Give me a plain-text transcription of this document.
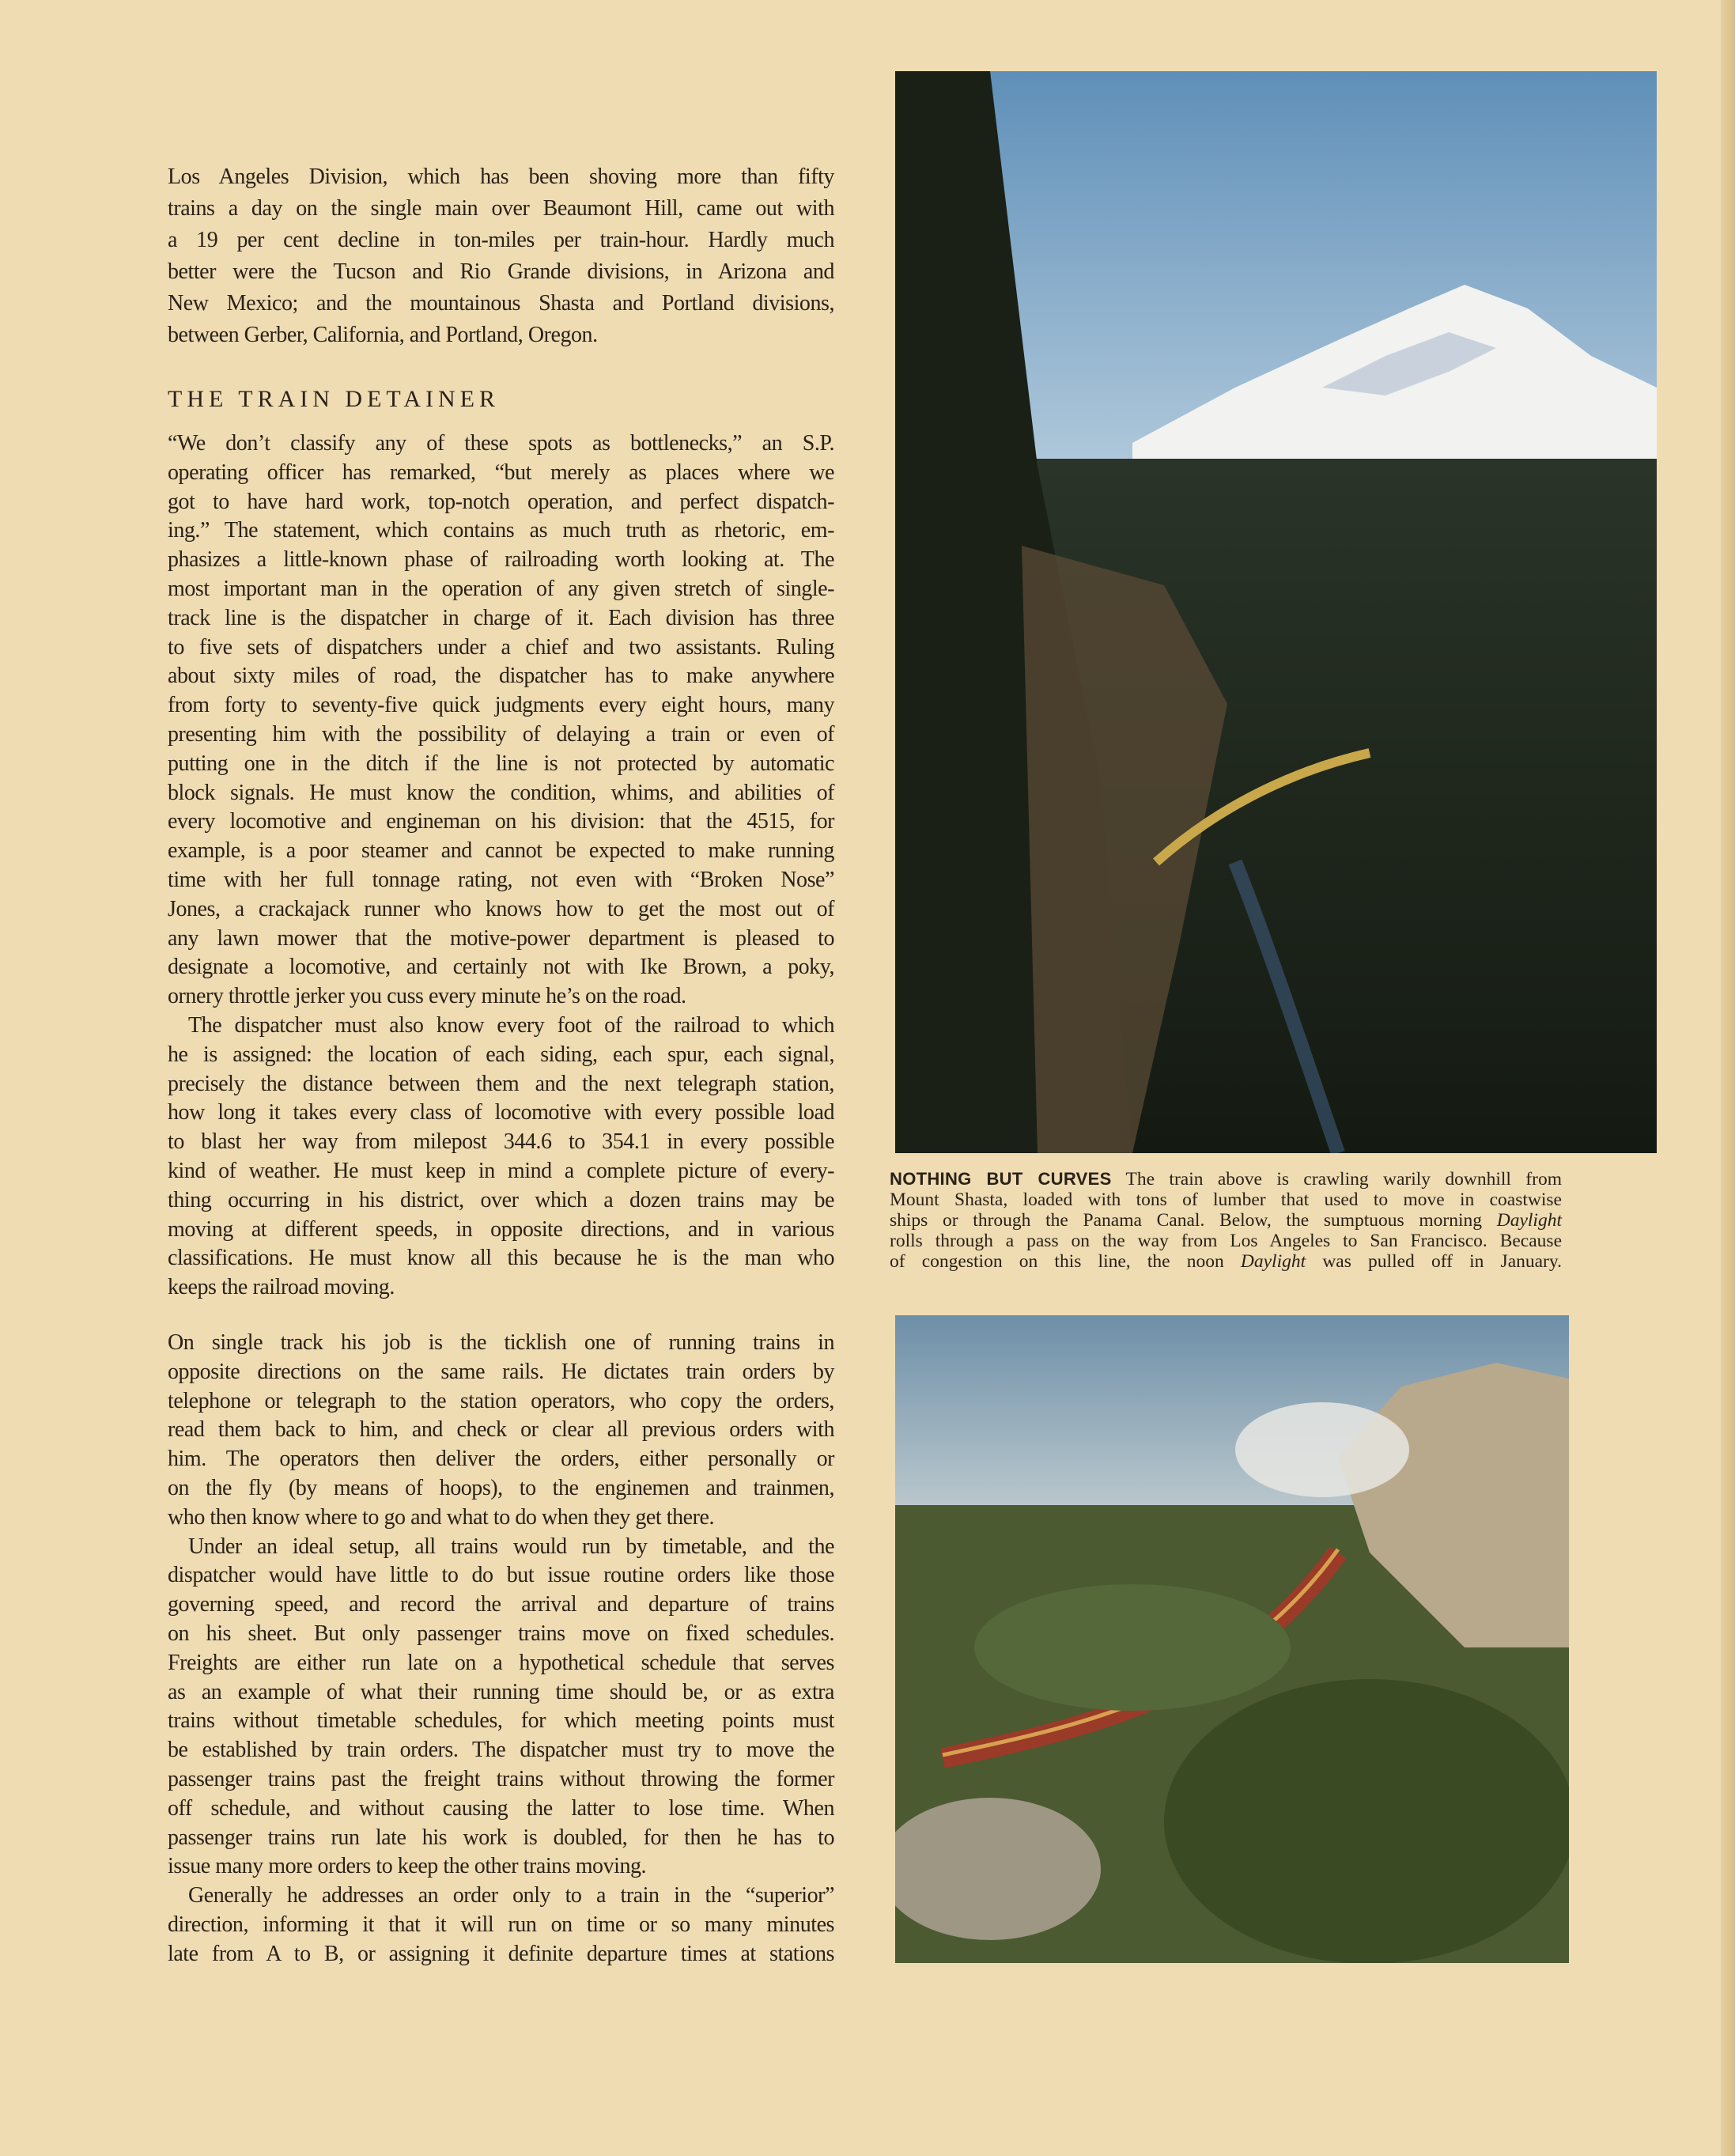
Los Angeles Division, which has been shoving more than fifty
trains a day on the single main over Beaumont Hill, came out with
a 19 per cent decline in ton-miles per train-hour. Hardly much
better were the Tucson and Rio Grande divisions, in Arizona and
New Mexico; and the mountainous Shasta and Portland divisions,
between Gerber, California, and Portland, Oregon.
THE TRAIN DETAINER
“We don’t classify any of these spots as bottlenecks,” an S.P.
operating officer has remarked, “but merely as places where we
got to have hard work, top-notch operation, and perfect dispatch-
ing.” The statement, which contains as much truth as rhetoric, em-
phasizes a little-known phase of railroading worth looking at. The
most important man in the operation of any given stretch of single-
track line is the dispatcher in charge of it. Each division has three
to five sets of dispatchers under a chief and two assistants. Ruling
about sixty miles of road, the dispatcher has to make anywhere
from forty to seventy-five quick judgments every eight hours, many
presenting him with the possibility of delaying a train or even of
putting one in the ditch if the line is not protected by automatic
block signals. He must know the condition, whims, and abilities of
every locomotive and engineman on his division: that the 4515, for
example, is a poor steamer and cannot be expected to make running
time with her full tonnage rating, not even with “Broken Nose”
Jones, a crackajack runner who knows how to get the most out of
any lawn mower that the motive-power department is pleased to
designate a locomotive, and certainly not with Ike Brown, a poky,
ornery throttle jerker you cuss every minute he’s on the road.
The dispatcher must also know every foot of the railroad to which
he is assigned: the location of each siding, each spur, each signal,
precisely the distance between them and the next telegraph station,
how long it takes every class of locomotive with every possible load
to blast her way from milepost 344.6 to 354.1 in every possible
kind of weather. He must keep in mind a complete picture of every-
thing occurring in his district, over which a dozen trains may be
moving at different speeds, in opposite directions, and in various
classifications. He must know all this because he is the man who
keeps the railroad moving.
On single track his job is the ticklish one of running trains in
opposite directions on the same rails. He dictates train orders by
telephone or telegraph to the station operators, who copy the orders,
read them back to him, and check or clear all previous orders with
him. The operators then deliver the orders, either personally or
on the fly (by means of hoops), to the enginemen and trainmen,
who then know where to go and what to do when they get there.
Under an ideal setup, all trains would run by timetable, and the
dispatcher would have little to do but issue routine orders like those
governing speed, and record the arrival and departure of trains
on his sheet. But only passenger trains move on fixed schedules.
Freights are either run late on a hypothetical schedule that serves
as an example of what their running time should be, or as extra
trains without timetable schedules, for which meeting points must
be established by train orders. The dispatcher must try to move the
passenger trains past the freight trains without throwing the former
off schedule, and without causing the latter to lose time. When
passenger trains run late his work is doubled, for then he has to
issue many more orders to keep the other trains moving.
Generally he addresses an order only to a train in the “superior”
direction, informing it that it will run on time or so many minutes
late from A to B, or assigning it definite departure times at stations
NOTHING BUT CURVES The train above is crawling warily downhill from
Mount Shasta, loaded with tons of lumber that used to move in coastwise
ships or through the Panama Canal. Below, the sumptuous morning Daylight
rolls through a pass on the way from Los Angeles to San Francisco. Because
of congestion on this line, the noon Daylight was pulled off in January.
